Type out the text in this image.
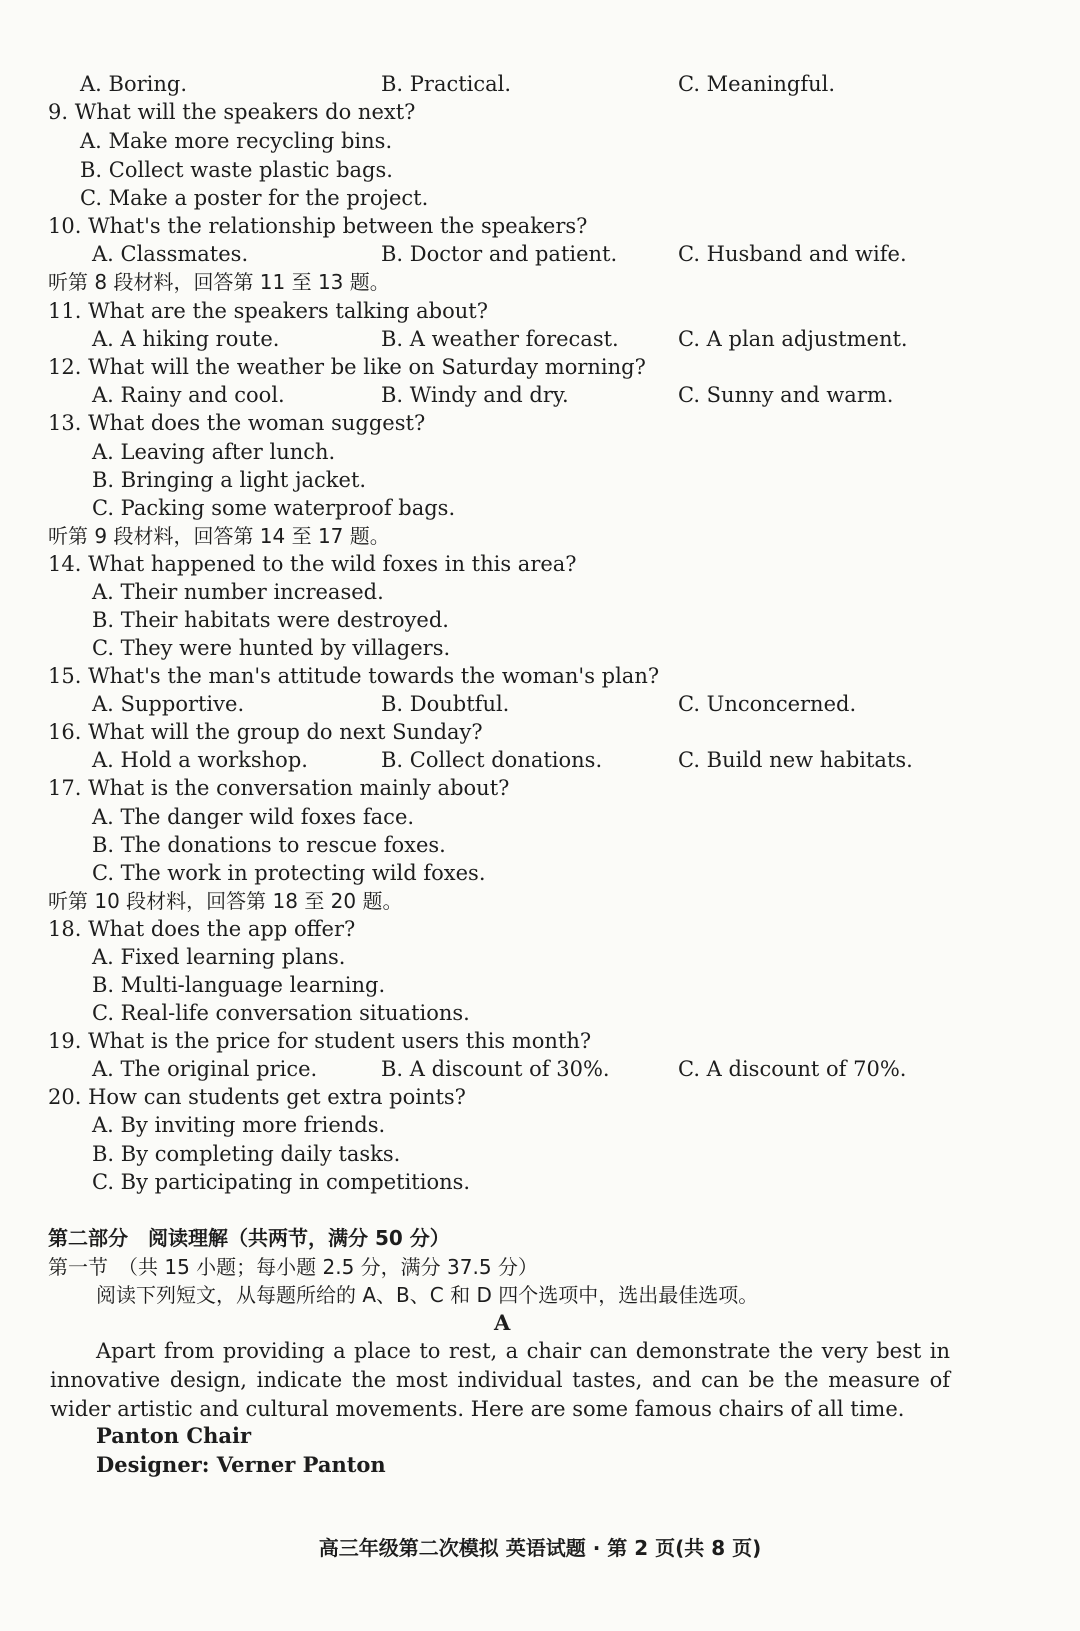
A. Boring.	B. Practical.	C. Meaningful.
9. What will the speakers do next?
A. Make more recycling bins.
B. Collect waste plastic bags.
C. Make a poster for the project.
10. What's the relationship between the speakers?
A. Classmates.	B. Doctor and patient.	C. Husband and wife.
听第 8 段材料，回答第 11 至 13 题。
11. What are the speakers talking about?
A. A hiking route.	B. A weather forecast.	C. A plan adjustment.
12. What will the weather be like on Saturday morning?
A. Rainy and cool.	B. Windy and dry.	C. Sunny and warm.
13. What does the woman suggest?
A. Leaving after lunch.
B. Bringing a light jacket.
C. Packing some waterproof bags.
听第 9 段材料，回答第 14 至 17 题。
14. What happened to the wild foxes in this area?
A. Their number increased.
B. Their habitats were destroyed.
C. They were hunted by villagers.
15. What's the man's attitude towards the woman's plan?
A. Supportive.	B. Doubtful.	C. Unconcerned.
16. What will the group do next Sunday?
A. Hold a workshop.	B. Collect donations.	C. Build new habitats.
17. What is the conversation mainly about?
A. The danger wild foxes face.
B. The donations to rescue foxes.
C. The work in protecting wild foxes.
听第 10 段材料，回答第 18 至 20 题。
18. What does the app offer?
A. Fixed learning plans.
B. Multi-language learning.
C. Real-life conversation situations.
19. What is the price for student users this month?
A. The original price.	B. A discount of 30%.	C. A discount of 70%.
20. How can students get extra points?
A. By inviting more friends.
B. By completing daily tasks.
C. By participating in competitions.
第二部分　阅读理解（共两节，满分 50 分）
第一节　（共 15 小题；每小题 2.5 分，满分 37.5 分）
阅读下列短文，从每题所给的 A、B、C 和 D 四个选项中，选出最佳选项。
A
Apart from providing a place to rest, a chair can demonstrate the very best in innovative design, indicate the most individual tastes, and can be the measure of wider artistic and cultural movements. Here are some famous chairs of all time.
Panton Chair
Designer: Verner Panton
高三年级第二次模拟 英语试题 · 第 2 页(共 8 页)
